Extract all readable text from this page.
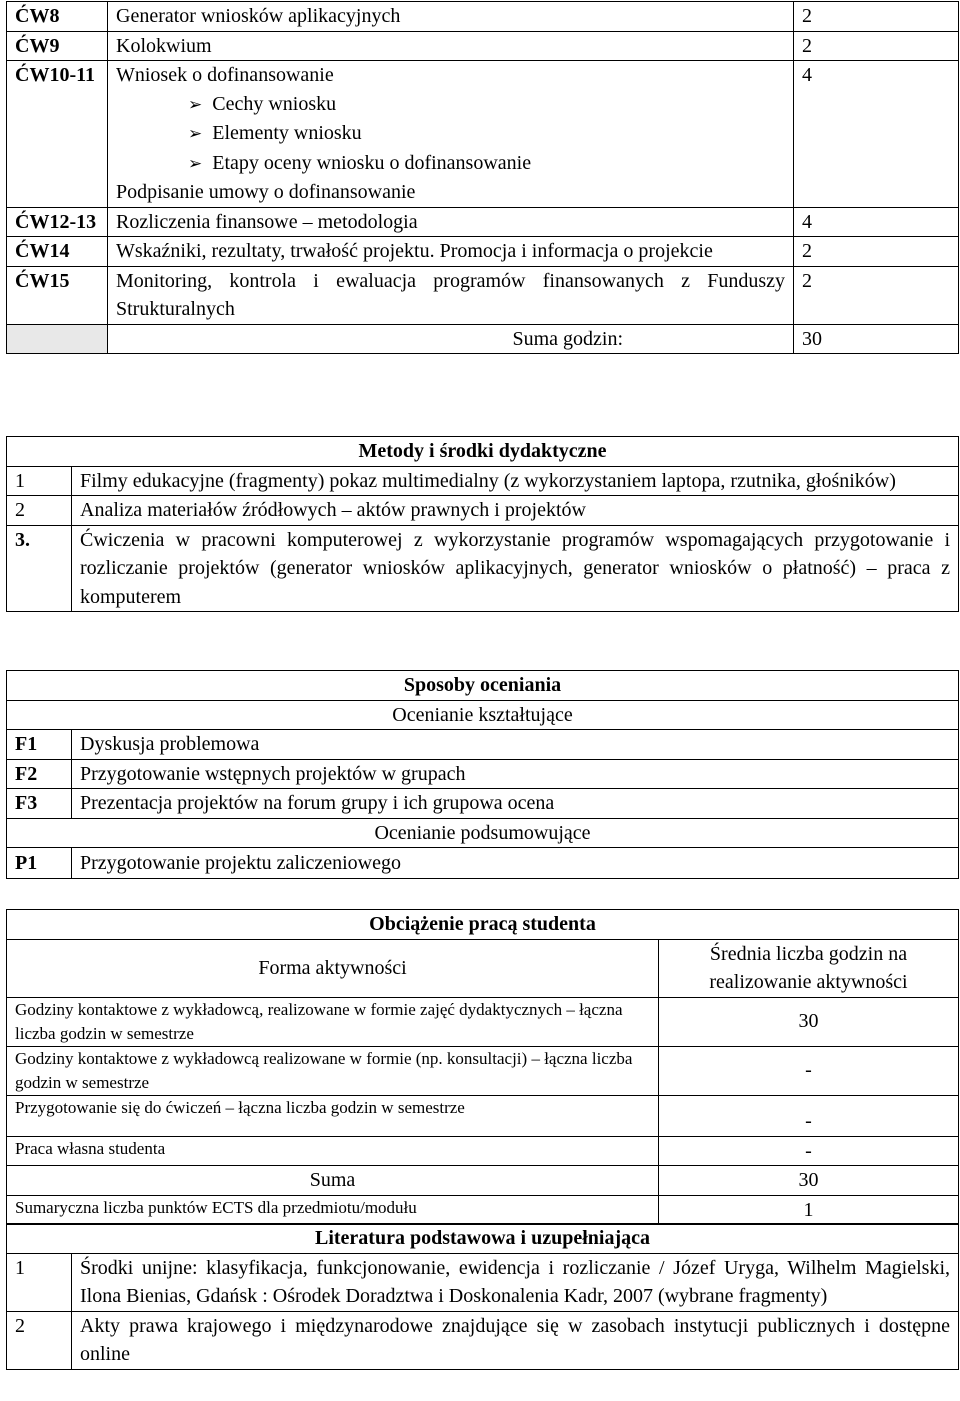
ĆW8	Generator wniosków aplikacyjnych	2
ĆW9	Kolokwium	2
ĆW10-11	Wniosek o dofinansowanie
➢ Cechy wniosku
➢ Elementy wniosku
➢ Etapy oceny wniosku o dofinansowanie
Podpisanie umowy o dofinansowanie	4
ĆW12-13	Rozliczenia finansowe – metodologia	4
ĆW14	Wskaźniki, rezultaty, trwałość projektu. Promocja i informacja o projekcie	2
ĆW15	Monitoring, kontrola i ewaluacja programów finansowanych z Funduszy Strukturalnych	2
	Suma godzin:	30
Metody i środki dydaktyczne	
1	Filmy edukacyjne (fragmenty) pokaz multimedialny (z wykorzystaniem laptopa, rzutnika, głośników)
2	Analiza materiałów źródłowych – aktów prawnych i projektów
3.	Ćwiczenia w pracowni komputerowej z wykorzystanie programów wspomagających przygotowanie i rozliczanie projektów (generator wniosków aplikacyjnych, generator wniosków o płatność) – praca z komputerem
Sposoby oceniania	
Ocenianie kształtujące	
F1	Dyskusja problemowa
F2	Przygotowanie wstępnych projektów w grupach
F3	Prezentacja projektów na forum grupy i ich grupowa ocena
Ocenianie podsumowujące	
P1	Przygotowanie projektu zaliczeniowego
Obciążenie pracą studenta	
Forma aktywności	Średnia liczba godzin na realizowanie aktywności
Godziny kontaktowe z wykładowcą, realizowane w formie zajęć dydaktycznych – łączna liczba godzin w semestrze	30
Godziny kontaktowe z wykładowcą realizowane w formie (np. konsultacji) – łączna liczba godzin w semestrze	-
Przygotowanie się do ćwiczeń – łączna liczba godzin w semestrze	-
Praca własna studenta	-
Suma	30
Sumaryczna liczba punktów ECTS dla przedmiotu/modułu	1
Literatura podstawowa i uzupełniająca	
1	Środki unijne: klasyfikacja, funkcjonowanie, ewidencja i rozliczanie / Józef Uryga, Wilhelm Magielski, Ilona Bienias, Gdańsk : Ośrodek Doradztwa i Doskonalenia Kadr, 2007 (wybrane fragmenty)
2	Akty prawa krajowego i międzynarodowe znajdujące się w zasobach instytucji publicznych i dostępne online
